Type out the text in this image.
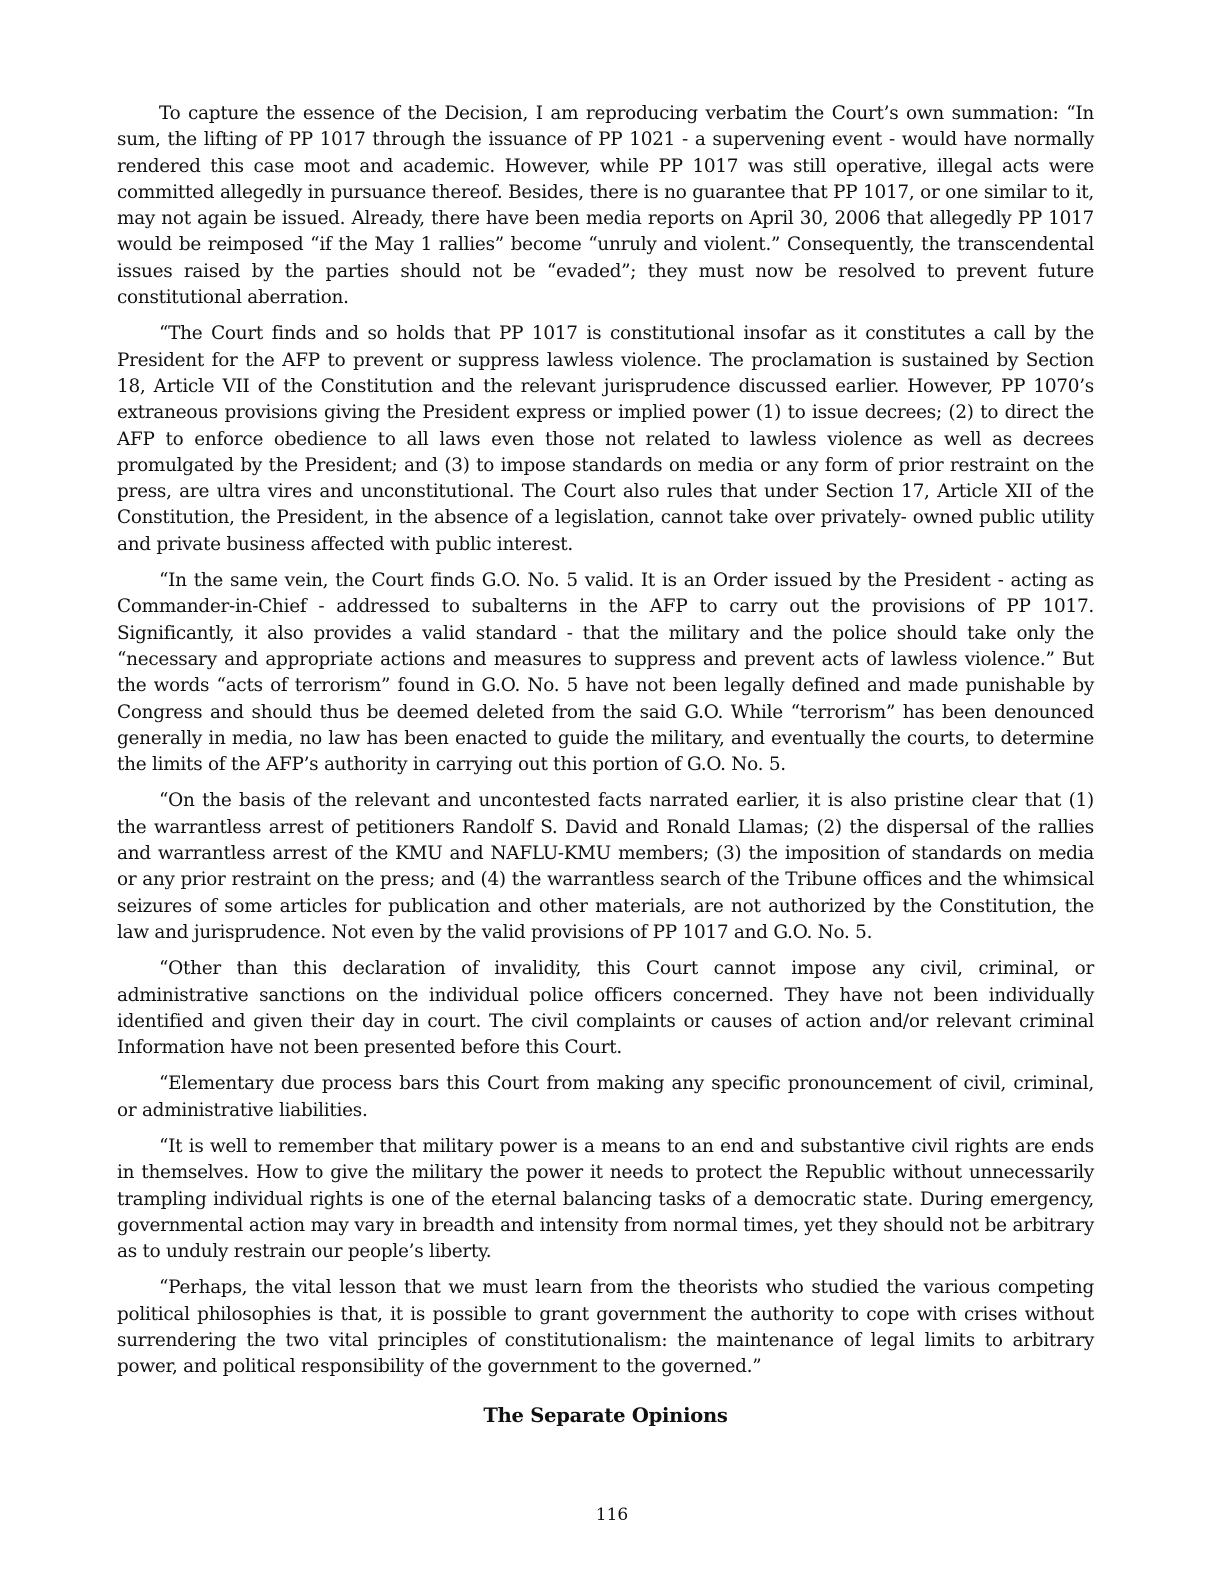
To capture the essence of the Decision, I am reproducing verbatim the Court’s own summation: “In sum, the lifting of PP 1017 through the issuance of PP 1021 - a supervening event - would have normally rendered this case moot and academic. However, while PP 1017 was still operative, illegal acts were committed allegedly in pursuance thereof. Besides, there is no guarantee that PP 1017, or one similar to it, may not again be issued. Already, there have been media reports on April 30, 2006 that allegedly PP 1017 would be reimposed “if the May 1 rallies” become “unruly and violent.” Consequently, the transcendental issues raised by the parties should not be “evaded”; they must now be resolved to prevent future constitutional aberration.

“The Court finds and so holds that PP 1017 is constitutional insofar as it constitutes a call by the President for the AFP to prevent or suppress lawless violence. The proclamation is sustained by Section 18, Article VII of the Constitution and the relevant jurisprudence discussed earlier. However, PP 1070’s extraneous provisions giving the President express or implied power (1) to issue decrees; (2) to direct the AFP to enforce obedience to all laws even those not related to lawless violence as well as decrees promulgated by the President; and (3) to impose standards on media or any form of prior restraint on the press, are ultra vires and unconstitutional. The Court also rules that under Section 17, Article XII of the Constitution, the President, in the absence of a legislation, cannot take over privately- owned public utility and private business affected with public interest.

“In the same vein, the Court finds G.O. No. 5 valid. It is an Order issued by the President - acting as Commander-in-Chief - addressed to subalterns in the AFP to carry out the provisions of PP 1017. Significantly, it also provides a valid standard - that the military and the police should take only the “necessary and appropriate actions and measures to suppress and prevent acts of lawless violence.” But the words “acts of terrorism” found in G.O. No. 5 have not been legally defined and made punishable by Congress and should thus be deemed deleted from the said G.O. While “terrorism” has been denounced generally in media, no law has been enacted to guide the military, and eventually the courts, to determine the limits of the AFP’s authority in carrying out this portion of G.O. No. 5.

“On the basis of the relevant and uncontested facts narrated earlier, it is also pristine clear that (1) the warrantless arrest of petitioners Randolf S. David and Ronald Llamas; (2) the dispersal of the rallies and warrantless arrest of the KMU and NAFLU-KMU members; (3) the imposition of standards on media or any prior restraint on the press; and (4) the warrantless search of the Tribune offices and the whimsical seizures of some articles for publication and other materials, are not authorized by the Constitution, the law and jurisprudence. Not even by the valid provisions of PP 1017 and G.O. No. 5.

“Other than this declaration of invalidity, this Court cannot impose any civil, criminal, or administrative sanctions on the individual police officers concerned. They have not been individually identified and given their day in court. The civil complaints or causes of action and/or relevant criminal Information have not been presented before this Court.

“Elementary due process bars this Court from making any specific pronouncement of civil, criminal, or administrative liabilities.

“It is well to remember that military power is a means to an end and substantive civil rights are ends in themselves. How to give the military the power it needs to protect the Republic without unnecessarily trampling individual rights is one of the eternal balancing tasks of a democratic state. During emergency, governmental action may vary in breadth and intensity from normal times, yet they should not be arbitrary as to unduly restrain our people’s liberty.

“Perhaps, the vital lesson that we must learn from the theorists who studied the various competing political philosophies is that, it is possible to grant government the authority to cope with crises without surrendering the two vital principles of constitutionalism: the maintenance of legal limits to arbitrary power, and political responsibility of the government to the governed.”

The Separate Opinions
116
